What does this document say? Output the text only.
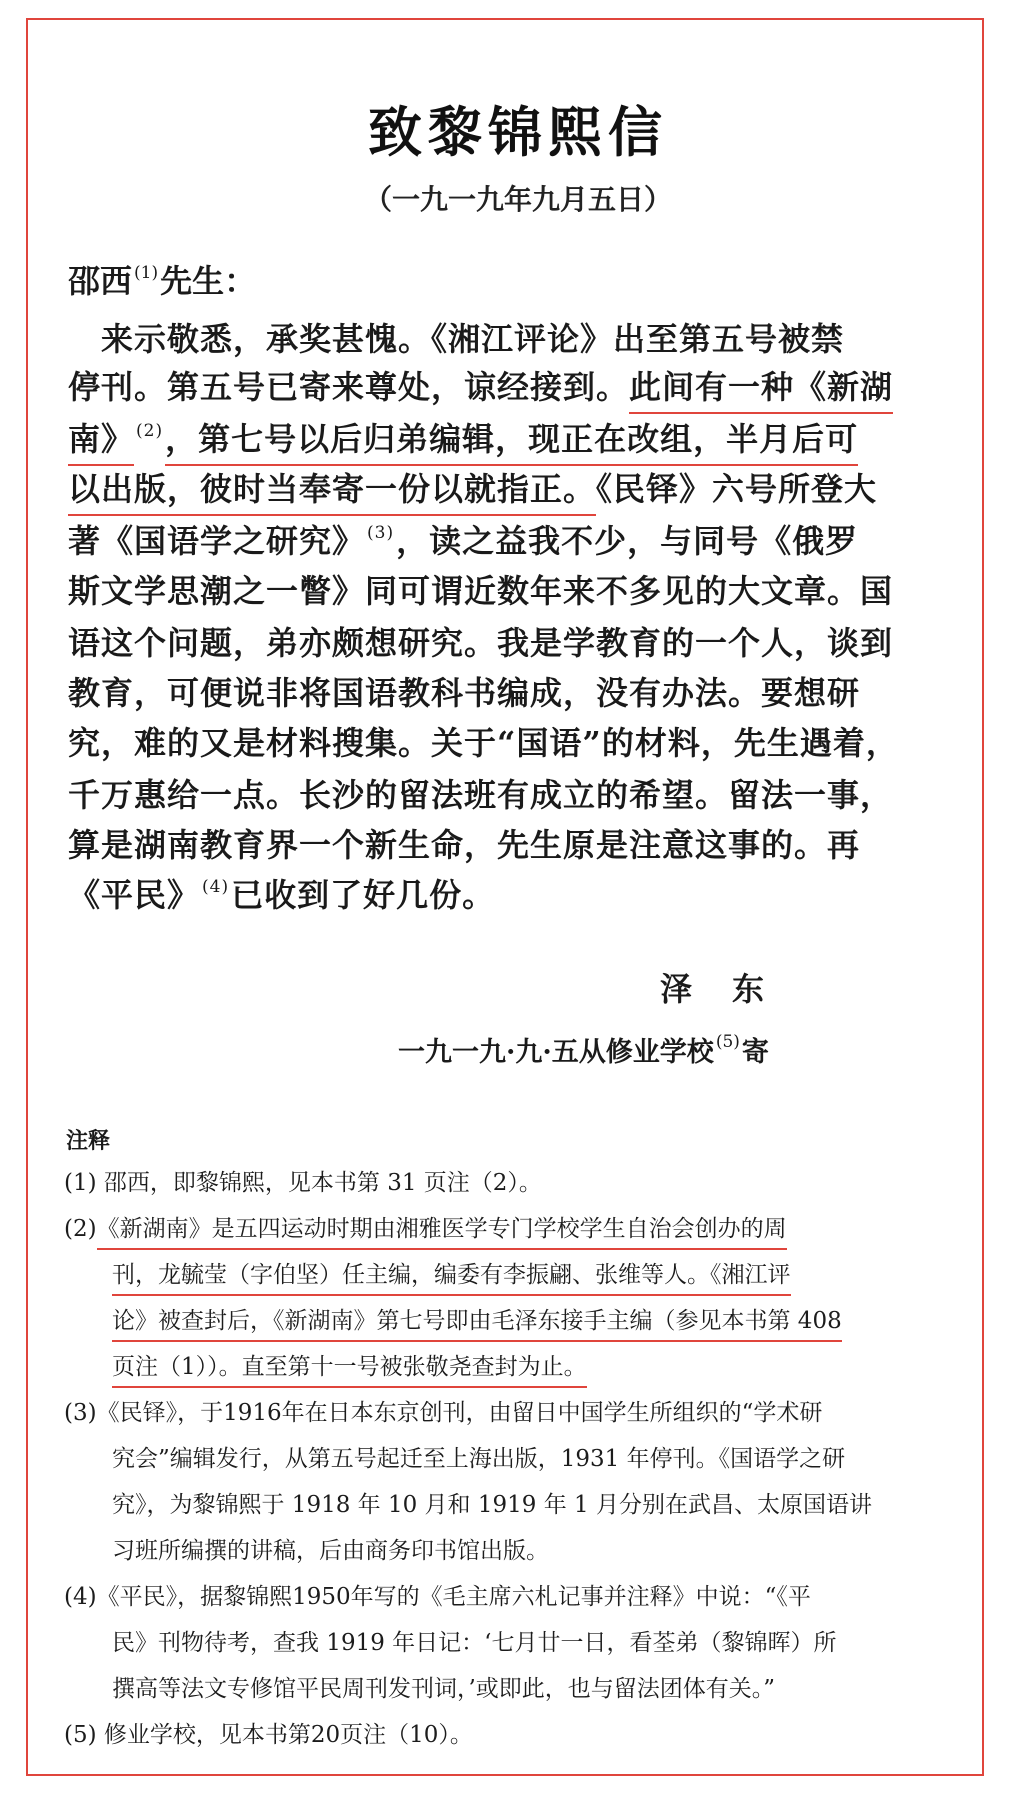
致黎锦熙信
（一九一九年九月五日）
邵西 $^{(1)}$先生：
　来示敬悉，承奖甚愧。《湘江评论》出至第五号被禁
停刊。第五号已寄来尊处，谅经接到。此间有一种《新湖
南》 $^{(2)}$，第七号以后归弟编辑，现正在改组，半月后可
以出版，彼时当奉寄一份以就指正。《民铎》六号所登大
著《国语学之研究》 $^{(3)}$，读之益我不少，与同号《俄罗
斯文学思潮之一瞥》同可谓近数年来不多见的大文章。国
语这个问题，弟亦颇想研究。我是学教育的一个人，谈到
教育，可便说非将国语教科书编成，没有办法。要想研
究，难的又是材料搜集。关于“国语”的材料，先生遇着，
千万惠给一点。长沙的留法班有成立的希望。留法一事，
算是湖南教育界一个新生命，先生原是注意这事的。再
《平民》 $^{(4)}$已收到了好几份。
泽东
一九一九·九·五从修业学校 $^{(5)}$寄
注释
(1) 邵西，即黎锦熙，见本书第 31 页注（2）。
(2)《新湖南》是五四运动时期由湘雅医学专门学校学生自治会创办的周
刊，龙毓莹（字伯坚）任主编，编委有李振翩、张维等人。《湘江评
论》被查封后，《新湖南》第七号即由毛泽东接手主编（参见本书第 408
页注（1））。直至第十一号被张敬尧查封为止。
(3)《民铎》，于1916年在日本东京创刊，由留日中国学生所组织的“学术研
究会”编辑发行，从第五号起迁至上海出版，1931 年停刊。《国语学之研
究》，为黎锦熙于 1918 年 10 月和 1919 年 1 月分别在武昌、太原国语讲
习班所编撰的讲稿，后由商务印书馆出版。
(4)《平民》，据黎锦熙1950年写的《毛主席六札记事并注释》中说：“《平
民》刊物待考，查我 1919 年日记：‘七月廿一日，看荃弟（黎锦晖）所
撰高等法文专修馆平民周刊发刊词，’或即此，也与留法团体有关。”
(5) 修业学校，见本书第20页注（10）。
